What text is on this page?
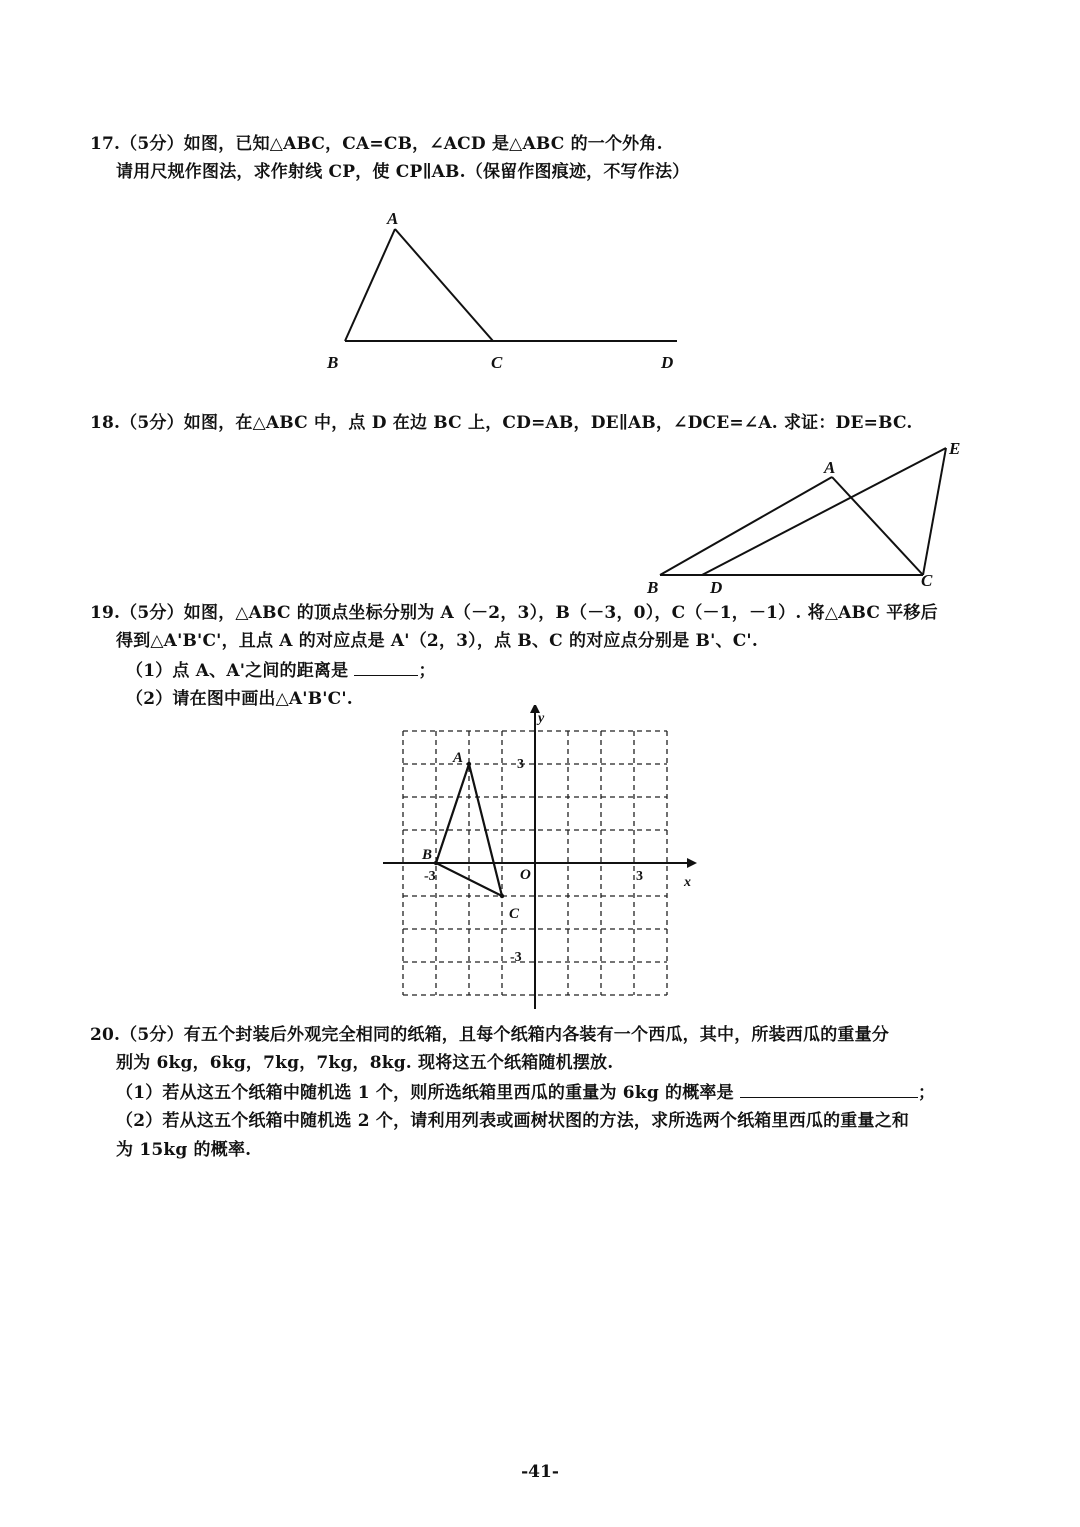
17.（5分）如图，已知△ABC，CA=CB，∠ACD 是△ABC 的一个外角.
请用尺规作图法，求作射线 CP，使 CP∥AB.（保留作图痕迹，不写作法）
A
B	C	D
18.（5分）如图，在△ABC 中，点 D 在边 BC 上，CD=AB，DE∥AB，∠DCE=∠A. 求证：DE=BC.
A
B	C
D
E
19.（5分）如图，△ABC 的顶点坐标分别为 A（－2，3），B（－3，0），C（－1，－1）. 将△ABC 平移后
得到△A'B'C'，且点 A 的对应点是 A'（2，3），点 B、C 的对应点分别是 B'、C'.
（1）点 A、A'之间的距离是	；
（2）请在图中画出△A'B'C'.
x
y
O	3
-3
3
-3
A
B
C
20.（5分）有五个封装后外观完全相同的纸箱，且每个纸箱内各装有一个西瓜，其中，所装西瓜的重量分
别为 6kg，6kg，7kg，7kg，8kg. 现将这五个纸箱随机摆放.
（1）若从这五个纸箱中随机选 1 个，则所选纸箱里西瓜的重量为 6kg 的概率是	；
（2）若从这五个纸箱中随机选 2 个，请利用列表或画树状图的方法，求所选两个纸箱里西瓜的重量之和
为 15kg 的概率.
-41-
